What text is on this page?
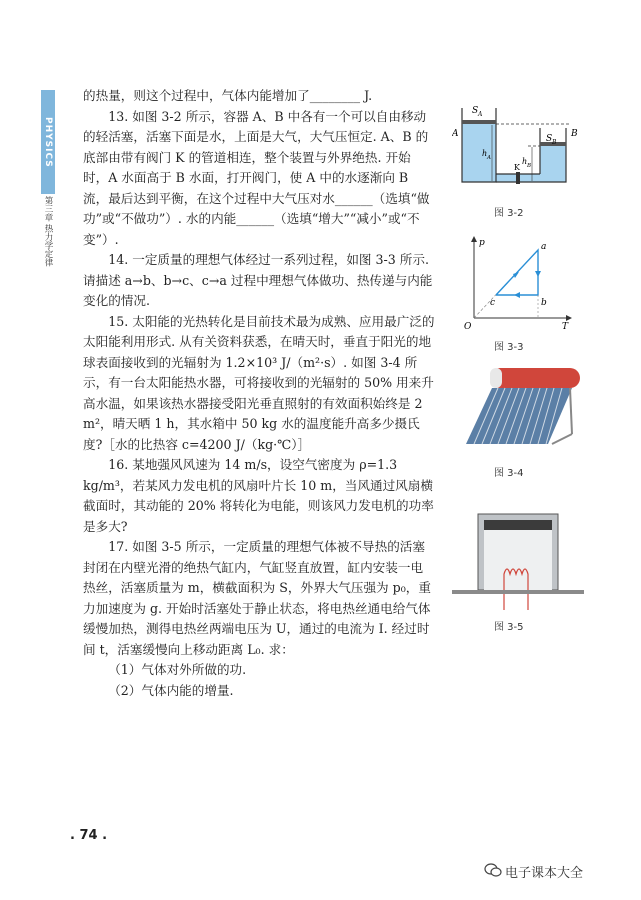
PHYSICS
第三章 热力学定律

的热量，则这个过程中，气体内能增加了________ J.

13. 如图 3-2 所示，容器 A、B 中各有一个可以自由移动的轻活塞，活塞下面是水，上面是大气，大气压恒定. A、B 的底部由带有阀门 K 的管道相连，整个装置与外界绝热. 开始时，A 水面高于 B 水面，打开阀门，使 A 中的水逐渐向 B 流，最后达到平衡，在这个过程中大气压对水______（选填“做功”或“不做功”）. 水的内能______（选填“增大”“减小”或“不变”）.

14. 一定质量的理想气体经过一系列过程，如图 3-3 所示. 请描述 a→b、b→c、c→a 过程中理想气体做功、热传递与内能变化的情况.

15. 太阳能的光热转化是目前技术最为成熟、应用最广泛的太阳能利用形式. 从有关资料获悉，在晴天时，垂直于阳光的地球表面接收到的光辐射为 1.2×10³ J/（m²·s）. 如图 3-4 所示，有一台太阳能热水器，可将接收到的光辐射的 50% 用来升高水温，如果该热水器接受阳光垂直照射的有效面积始终是 2 m²，晴天晒 1 h，其水箱中 50 kg 水的温度能升高多少摄氏度?［水的比热容 c=4200 J/（kg·℃）］

16. 某地强风风速为 14 m/s，设空气密度为 ρ=1.3 kg/m³，若某风力发电机的风扇叶片长 10 m，当风通过风扇横截面时，其动能的 20% 将转化为电能，则该风力发电机的功率是多大?

17. 如图 3-5 所示，一定质量的理想气体被不导热的活塞封闭在内壁光滑的绝热气缸内，气缸竖直放置，缸内安装一电热丝，活塞质量为 m，横截面积为 S，外界大气压强为 p₀，重力加速度为 g. 开始时活塞处于静止状态，将电热丝通电给气体缓慢加热，测得电热丝两端电压为 U，通过的电流为 I. 经过时间 t，活塞缓慢向上移动距离 L₀. 求：

（1）气体对外所做的功.

（2）气体内能的增量.

A	B
S A
S B
h A	h B
K
图 3-2
p
T
O
a
b
c
图 3-3
图 3-4
图 3-5
. 74 .
电子课本大全
